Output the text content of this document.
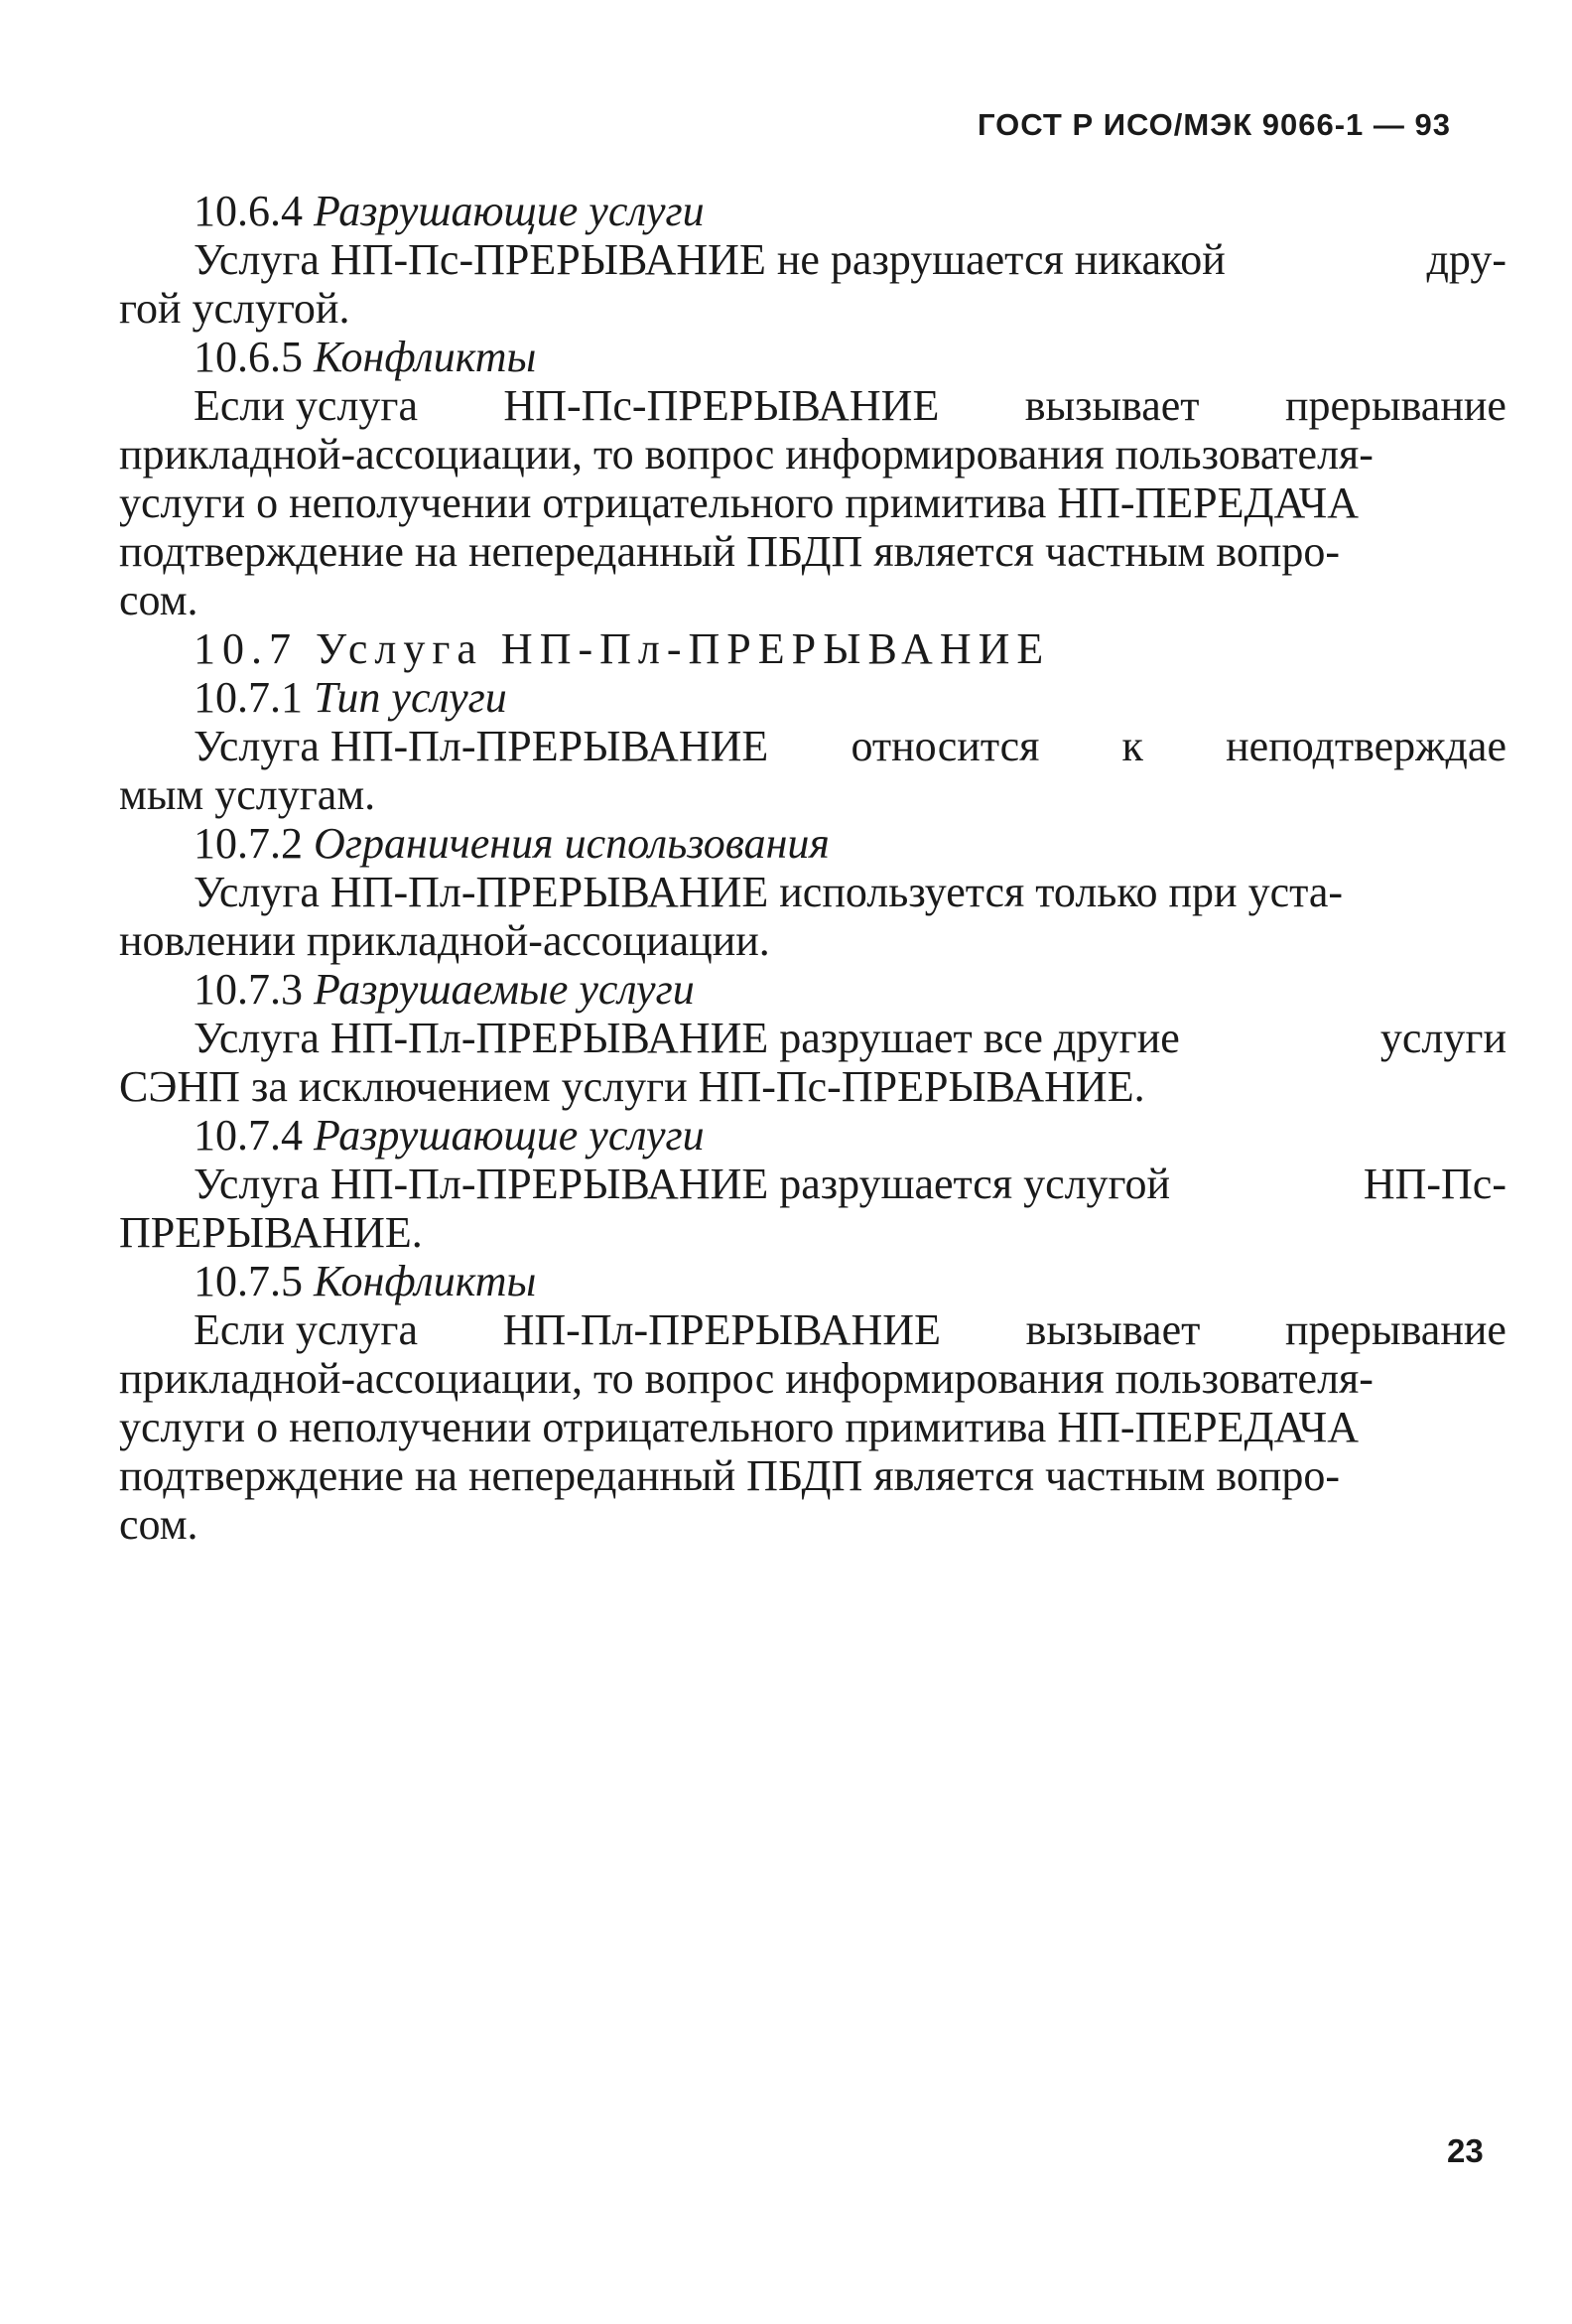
ГОСТ Р ИСО/МЭК 9066-1 — 93
10.6.4 Разрушающие услуги
Услуга НП-Пс-ПРЕРЫВАНИЕ не разрушается никакой	дру-
гой услугой.
10.6.5 Конфликты
Если услуга НП-Пс-ПРЕРЫВАНИЕ вызывает прерывание
прикладной-ассоциации, то вопрос информирования пользователя-
услуги о неполучении отрицательного примитива НП-ПЕРЕДАЧА
подтверждение на непереданный ПБДП является частным вопро-
сом.
10.7 Услуга НП-Пл-ПРЕРЫВАНИЕ
10.7.1 Тип услуги
Услуга НП-Пл-ПРЕРЫВАНИЕ относится к неподтверждае
мым услугам.
10.7.2 Ограничения использования
Услуга НП-Пл-ПРЕРЫВАНИЕ используется только при уста-
новлении прикладной-ассоциации.
10.7.3 Разрушаемые услуги
Услуга НП-Пл-ПРЕРЫВАНИЕ разрушает все другие	услуги
СЭНП за исключением услуги НП-Пс-ПРЕРЫВАНИЕ.
10.7.4 Разрушающие услуги
Услуга НП-Пл-ПРЕРЫВАНИЕ разрушается услугой	НП-Пс-
ПРЕРЫВАНИЕ.
10.7.5 Конфликты
Если услуга НП-Пл-ПРЕРЫВАНИЕ вызывает прерывание
прикладной-ассоциации, то вопрос информирования пользователя-
услуги о неполучении отрицательного примитива НП-ПЕРЕДАЧА
подтверждение на непереданный ПБДП является частным вопро-
сом.
23
